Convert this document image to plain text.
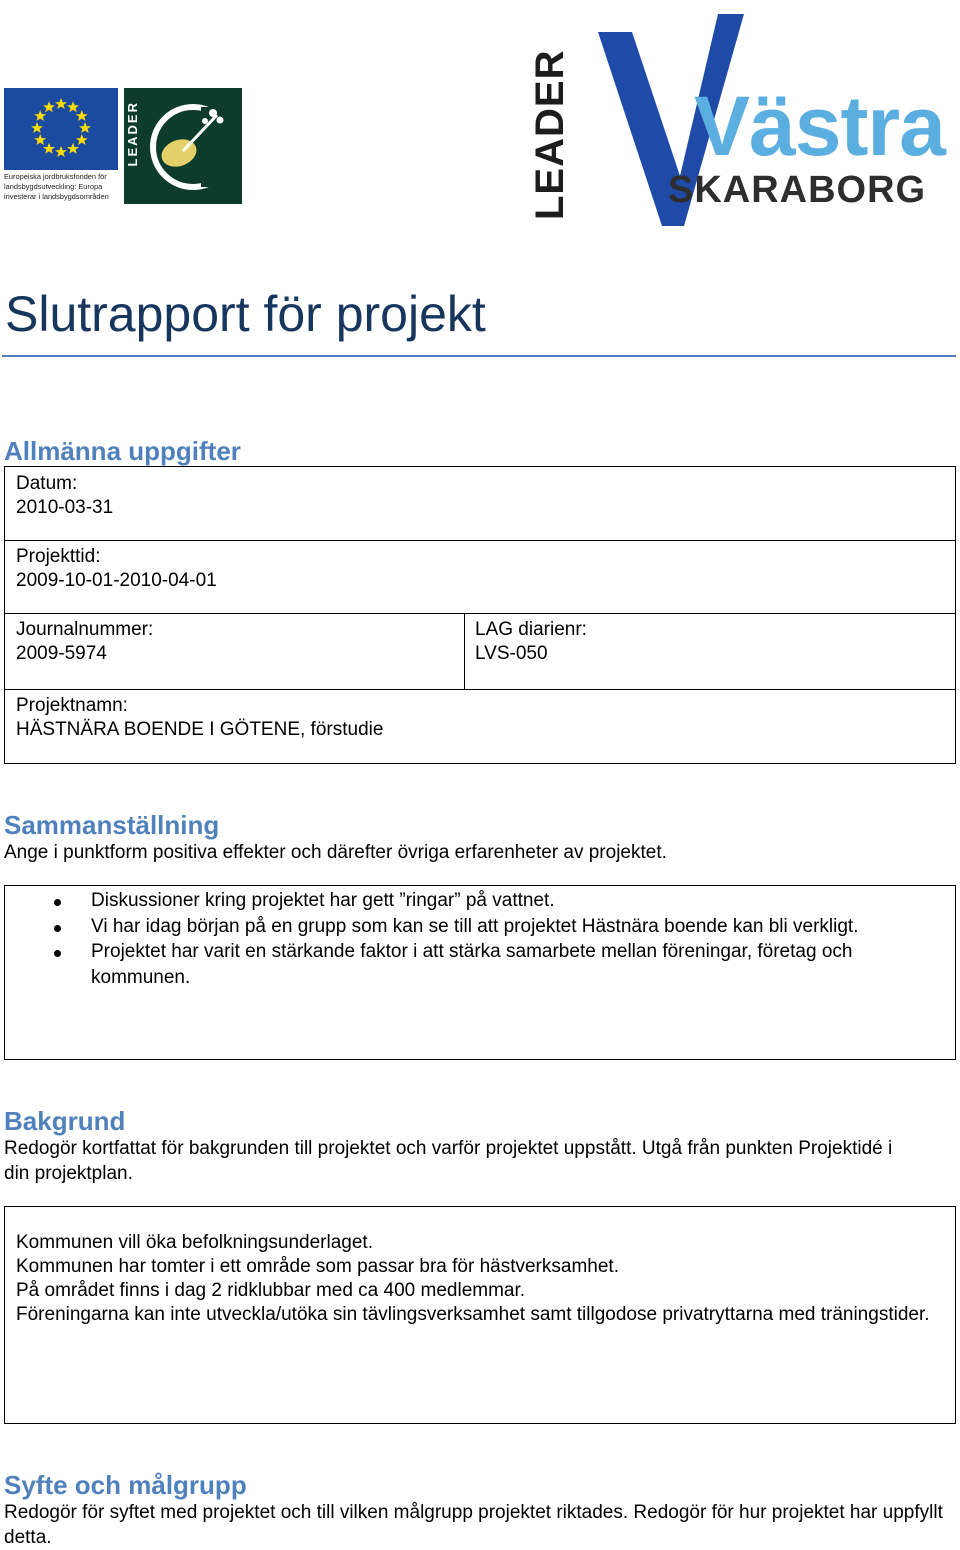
Europeiska jordbruksfonden för landsbygdsutveckling: Europa investerar i landsbygdsområden
LEADER	LEADER Västra
SKARABORG
Slutrapport för projekt
Allmänna uppgifter
Datum:
2010-03-31
Projekttid:
2009-10-01-2010-04-01
Journalnummer:
2009-5974
LAG diarienr:
LVS-050
Projektnamn:
HÄSTNÄRA BOENDE I GÖTENE, förstudie
Sammanställning

Ange i punktform positiva effekter och därefter övriga erfarenheter av projektet.

Diskussioner kring projektet har gett ”ringar” på vattnet.
Vi har idag början på en grupp som kan se till att projektet Hästnära boende kan bli verkligt.
Projektet har varit en stärkande faktor i att stärka samarbete mellan föreningar, företag och kommunen.
Bakgrund

Redogör kortfattat för bakgrunden till projektet och varför projektet uppstått. Utgå från punkten Projektidé i din projektplan.

Kommunen vill öka befolkningsunderlaget.

Kommunen har tomter i ett område som passar bra för hästverksamhet.

På området finns i dag 2 ridklubbar med ca 400 medlemmar.

Föreningarna kan inte utveckla/utöka sin tävlingsverksamhet samt tillgodose privatryttarna med träningstider.

Syfte och målgrupp

Redogör för syftet med projektet och till vilken målgrupp projektet riktades. Redogör för hur projektet har uppfyllt detta.
